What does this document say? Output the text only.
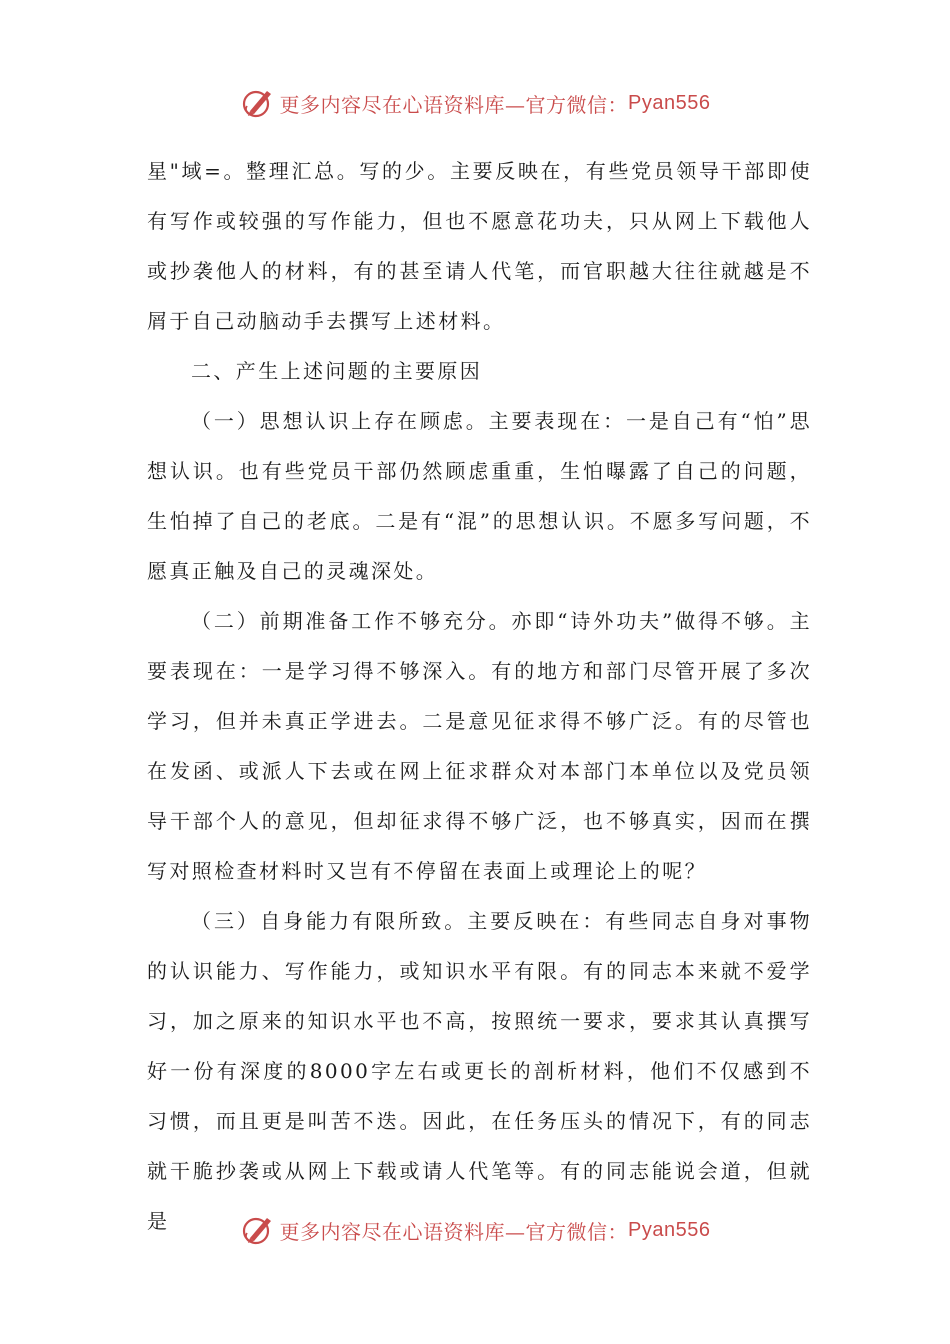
更多内容尽在心语资料库—官方微信： Pyan556

星"域=。整理汇总。写的少。主要反映在，有些党员领导干部即使有写作或较强的写作能力，但也不愿意花功夫，只从网上下载他人或抄袭他人的材料，有的甚至请人代笔，而官职越大往往就越是不屑于自己动脑动手去撰写上述材料。

二、产生上述问题的主要原因

（一）思想认识上存在顾虑。主要表现在：一是自己有“怕”思想认识。也有些党员干部仍然顾虑重重，生怕曝露了自己的问题，生怕掉了自己的老底。二是有“混”的思想认识。不愿多写问题，不愿真正触及自己的灵魂深处。

（二）前期准备工作不够充分。亦即“诗外功夫”做得不够。主要表现在：一是学习得不够深入。有的地方和部门尽管开展了多次学习，但并未真正学进去。二是意见征求得不够广泛。有的尽管也在发函、或派人下去或在网上征求群众对本部门本单位以及党员领导干部个人的意见，但却征求得不够广泛，也不够真实，因而在撰写对照检查材料时又岂有不停留在表面上或理论上的呢？

（三）自身能力有限所致。主要反映在：有些同志自身对事物的认识能力、写作能力，或知识水平有限。有的同志本来就不爱学习，加之原来的知识水平也不高，按照统一要求，要求其认真撰写好一份有深度的8000字左右或更长的剖析材料，他们不仅感到不习惯，而且更是叫苦不迭。因此，在任务压头的情况下，有的同志就干脆抄袭或从网上下载或请人代笔等。有的同志能说会道，但就是	更多内容尽在心语资料库—官方微信： Pyan556
